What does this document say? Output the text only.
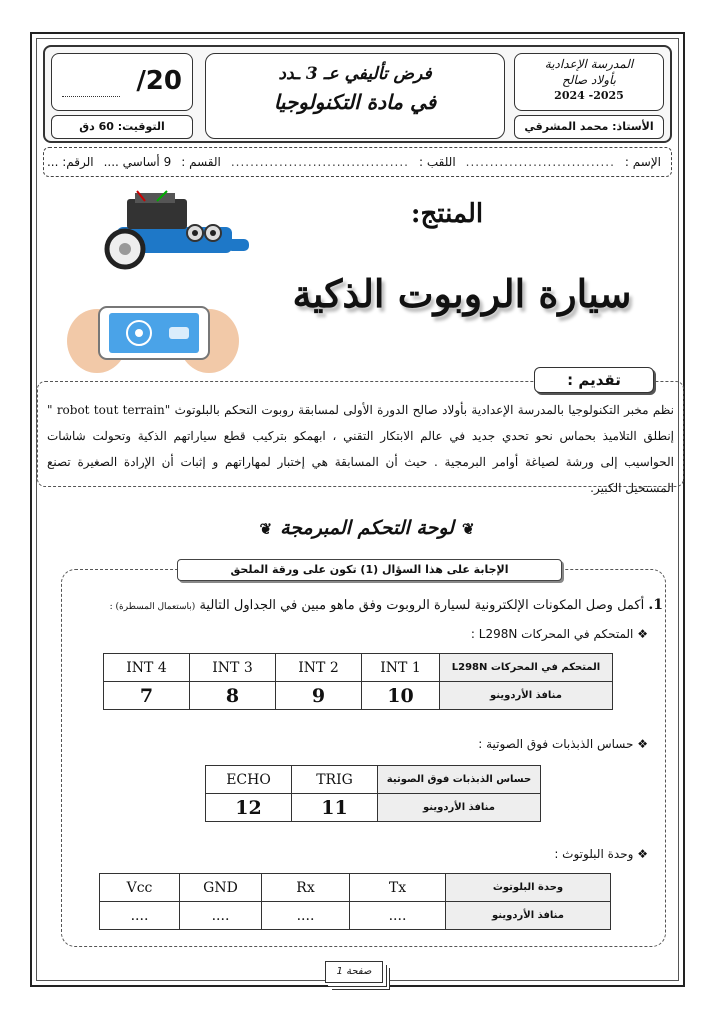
المدرسة الإعدادية
بأولاد صالح
2025- 2024
الأستاذ: محمد المشرقي
فرض تأليفي عـ 3 ـدد
في مادة التكنولوجيا
/20
التوقيت: 60 دق
الإسم :
...............................
اللقب :
.....................................
القسم :
9 أساسي ....
الرقم: ...
المنتج:
سيارة الروبوت الذكية
تقديم :
نظم مخبر التكنولوجيا بالمدرسة الإعدادية بأولاد صالح الدورة الأولى لمسابقة روبوت التحكم بالبلوتوث "robot tout terrain " إنطلق التلاميذ بحماس نحو تحدي جديد في عالم الابتكار التقني ، ابهمكو بتركيب قطع سياراتهم الذكية وتحولت شاشات الحواسيب إلى ورشة لصياغة أوامر البرمجية . حيث أن المسابقة هي إختبار لمهاراتهم و إثبات أن الإرادة الصغيرة تصنع المستحيل الكبير.
❦لوحة التحكم المبرمجة❦
الإجابة على هذا السؤال (1) تكون على ورقة الملحق
1. أكمل وصل المكونات الإلكترونية لسيارة الروبوت وفق ماهو مبين في الجداول التالية (باستعمال المسطرة) :
❖ المتحكم في المحركات L298N :
INT 4	INT 3	INT 2	INT 1	المتحكم في المحركات L298N
7	8	9	10	منافذ الأردوينو
❖ حساس الذبذبات فوق الصوتية :
ECHO	TRIG	حساس الذبذبات فوق الصوتية
12	11	منافذ الأردوينو
❖ وحدة البلوتوث :
Vcc	GND	Rx	Tx	وحدة البلوتوث
....	....	....	....	منافذ الأردوينو
صفحة 1
